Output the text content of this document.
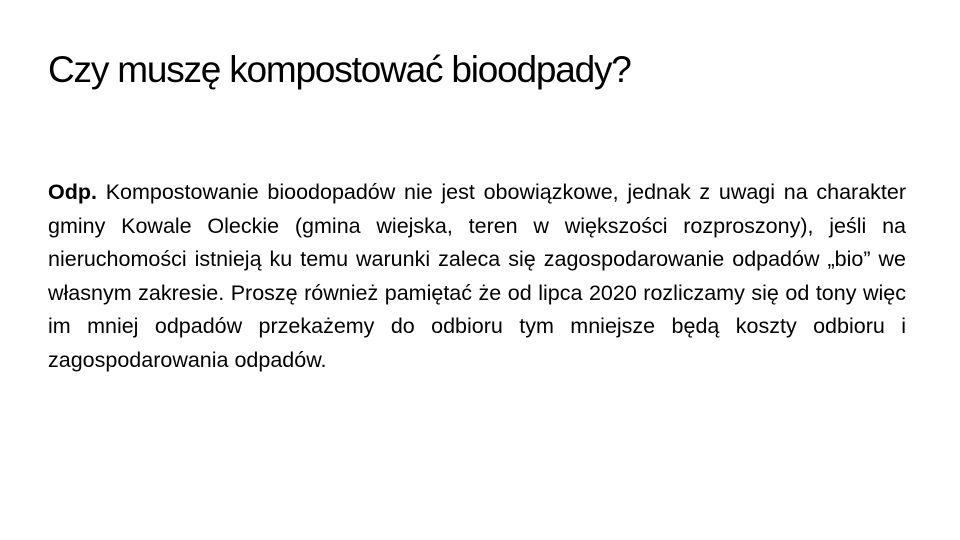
Czy muszę kompostować bioodpady?

Odp. Kompostowanie bioodopadów nie jest obowiązkowe, jednak z uwagi na charakter gminy Kowale Oleckie (gmina wiejska, teren w większości rozproszony), jeśli na nieruchomości istnieją ku temu warunki zaleca się zagospodarowanie odpadów „bio” we własnym zakresie. Proszę również pamiętać że od lipca 2020 rozliczamy się od tony więc im mniej odpadów przekażemy do odbioru tym mniejsze będą koszty odbioru i zagospodarowania odpadów.
